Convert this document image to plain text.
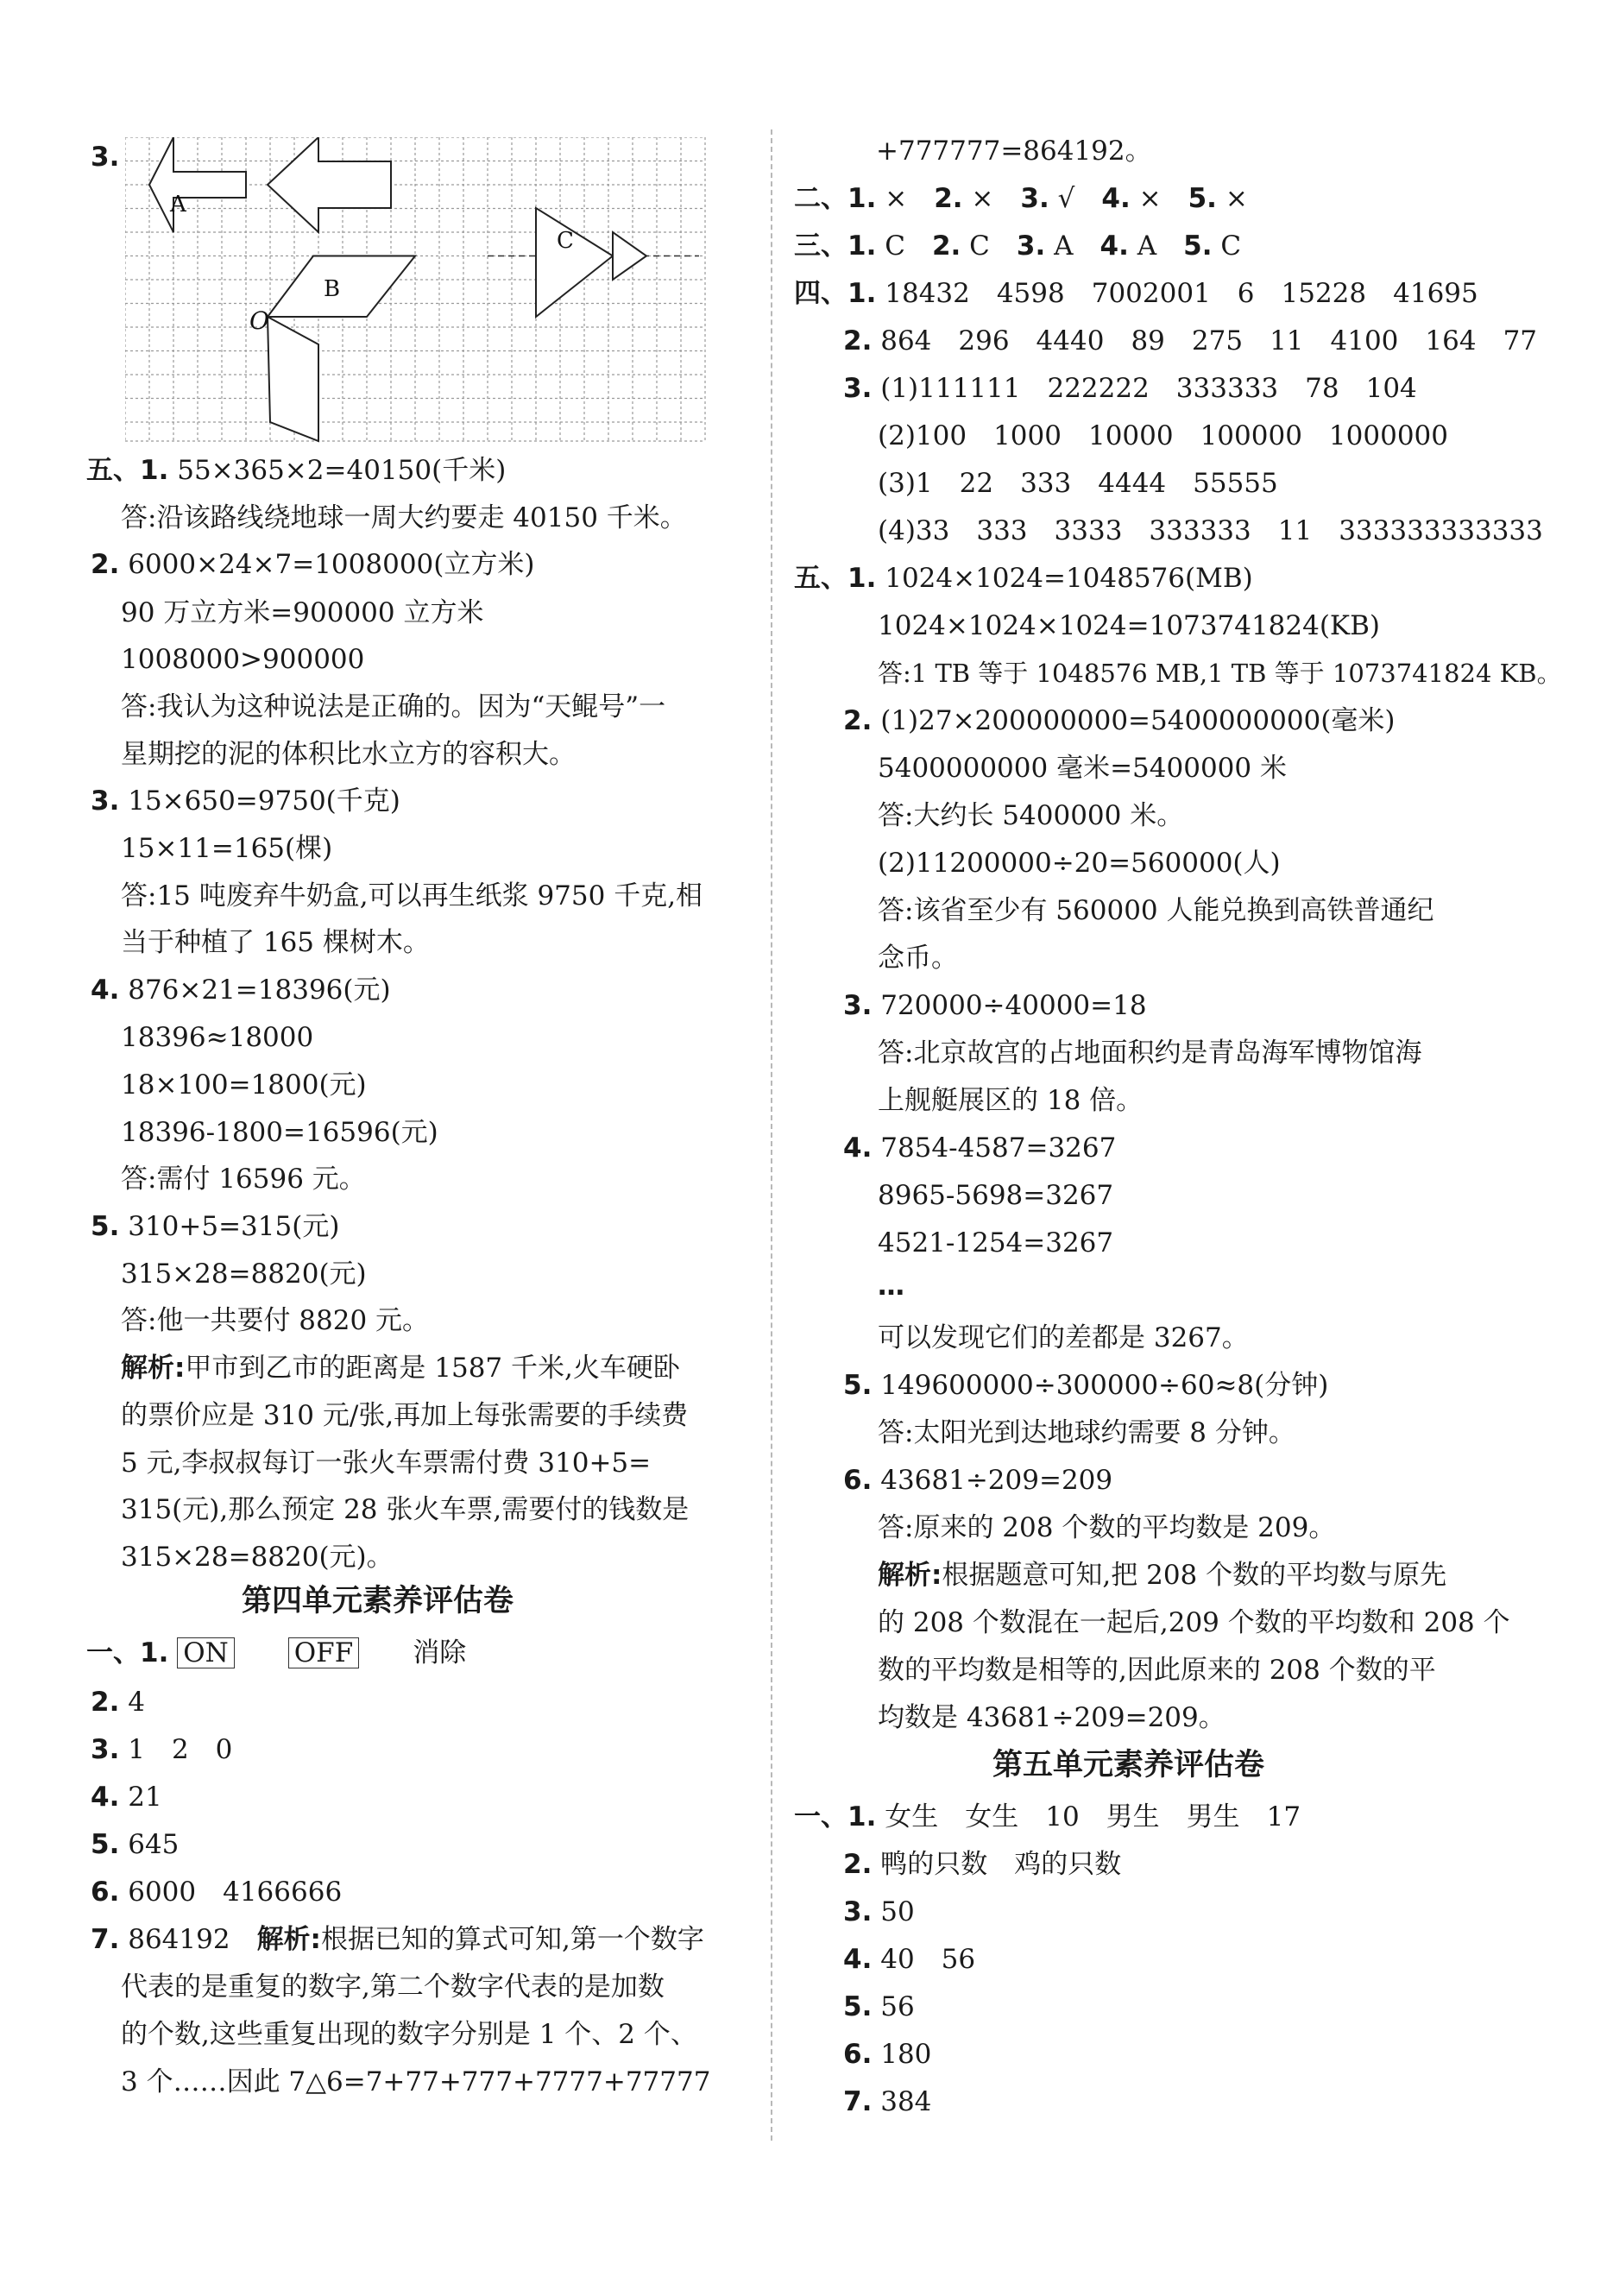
3.
A
B
C
O
五、1. 55×365×2=40150(千米)
答:沿该路线绕地球一周大约要走 40150 千米。
2. 6000×24×7=1008000(立方米)
90 万立方米=900000 立方米
1008000>900000
答:我认为这种说法是正确的。因为“天鲲号”一
星期挖的泥的体积比水立方的容积大。
3. 15×650=9750(千克)
15×11=165(棵)
答:15 吨废弃牛奶盒,可以再生纸浆 9750 千克,相
当于种植了 165 棵树木。
4. 876×21=18396(元)
18396≈18000
18×100=1800(元)
18396-1800=16596(元)
答:需付 16596 元。
5. 310+5=315(元)
315×28=8820(元)
答:他一共要付 8820 元。
解析:甲市到乙市的距离是 1587 千米,火车硬卧
的票价应是 310 元/张,再加上每张需要的手续费
5 元,李叔叔每订一张火车票需付费 310+5=
315(元),那么预定 28 张火车票,需要付的钱数是
315×28=8820(元)。
第四单元素养评估卷
一、1. ON　　 OFF　　 消除
2. 4
3. 1　2　0
4. 21
5. 645
6. 6000　4166666
7. 864192　 解析:根据已知的算式可知,第一个数字
代表的是重复的数字,第二个数字代表的是加数
的个数,这些重复出现的数字分别是 1 个、2 个、
3 个……因此 7△6=7+77+777+7777+77777
+777777=864192。
二、1. ×　 2. ×　 3. √　 4. ×　 5. ×
三、1. C　 2. C　 3. A　 4. A　 5. C
四、1. 18432　4598　7002001　6　15228　41695
2. 864　296　4440　89　275　11　4100　164　77
3. (1)111111　222222　333333　78　104
(2)100　1000　10000　100000　1000000
(3)1　22　333　4444　55555
(4)33　333　3333　333333　11　333333333333
五、1. 1024×1024=1048576(MB)
1024×1024×1024=1073741824(KB)
答:1 TB 等于 1048576 MB,1 TB 等于 1073741824 KB。
2. (1)27×200000000=5400000000(毫米)
5400000000 毫米=5400000 米
答:大约长 5400000 米。
(2)11200000÷20=560000(人)
答:该省至少有 560000 人能兑换到高铁普通纪
念币。
3. 720000÷40000=18
答:北京故宫的占地面积约是青岛海军博物馆海
上舰艇展区的 18 倍。
4. 7854-4587=3267
8965-5698=3267
4521-1254=3267
…
可以发现它们的差都是 3267。
5. 149600000÷300000÷60≈8(分钟)
答:太阳光到达地球约需要 8 分钟。
6. 43681÷209=209
答:原来的 208 个数的平均数是 209。
解析:根据题意可知,把 208 个数的平均数与原先
的 208 个数混在一起后,209 个数的平均数和 208 个
数的平均数是相等的,因此原来的 208 个数的平
均数是 43681÷209=209。
第五单元素养评估卷
一、1. 女生　女生　10　男生　男生　17
2. 鸭的只数　鸡的只数
3. 50
4. 40　56
5. 56
6. 180
7. 384
